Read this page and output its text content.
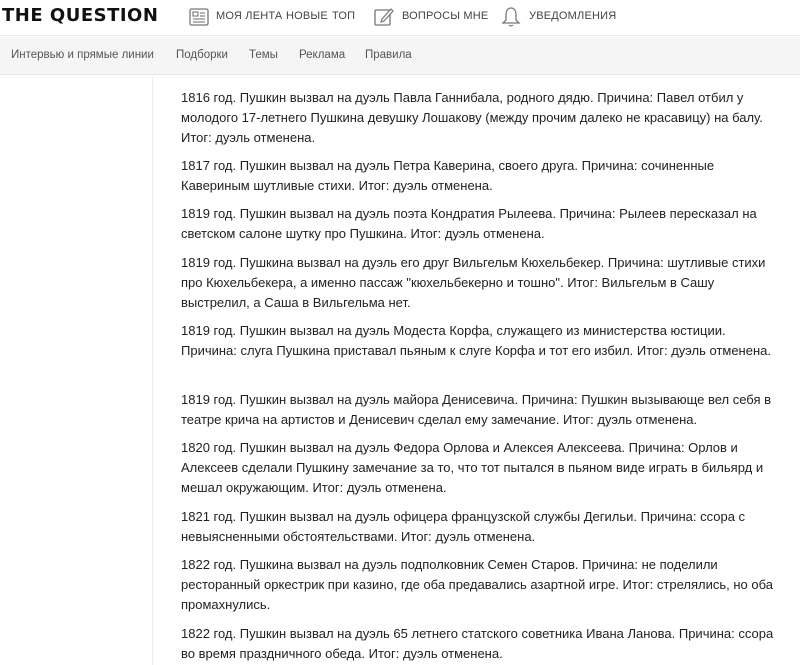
THE QUESTION	МОЯ ЛЕНТА НОВЫЕ ТОП	ВОПРОСЫ МНЕ	УВЕДОМЛЕНИЯ
Интервью и прямые линии Подборки Темы Реклама Правила

1816 год. Пушкин вызвал на дуэль Павла Ганнибала, родного дядю. Причина: Павел отбил у молодого 17-летнего Пушкина девушку Лошакову (между прочим далеко не красавицу) на балу. Итог: дуэль отменена.

1817 год. Пушкин вызвал на дуэль Петра Каверина, своего друга. Причина: сочиненные Кавериным шутливые стихи. Итог: дуэль отменена.

1819 год. Пушкин вызвал на дуэль поэта Кондратия Рылеева. Причина: Рылеев пересказал на светском салоне шутку про Пушкина. Итог: дуэль отменена.

1819 год. Пушкина вызвал на дуэль его друг Вильгельм Кюхельбекер. Причина: шутливые стихи про Кюхельбекера, а именно пассаж "кюхельбекерно и тошно". Итог: Вильгельм в Сашу выстрелил, а Саша в Вильгельма нет.

1819 год. Пушкин вызвал на дуэль Модеста Корфа, служащего из министерства юстиции. Причина: слуга Пушкина приставал пьяным к слуге Корфа и тот его избил. Итог: дуэль отменена.

1819 год. Пушкин вызвал на дуэль майора Денисевича. Причина: Пушкин вызывающе вел себя в театре крича на артистов и Денисевич сделал ему замечание. Итог: дуэль отменена.

1820 год. Пушкин вызвал на дуэль Федора Орлова и Алексея Алексеева. Причина: Орлов и Алексеев сделали Пушкину замечание за то, что тот пытался в пьяном виде играть в бильярд и мешал окружающим. Итог: дуэль отменена.

1821 год. Пушкин вызвал на дуэль офицера французской службы Дегильи. Причина: ссора с невыясненными обстоятельствами. Итог: дуэль отменена.

1822 год. Пушкина вызвал на дуэль подполковник Семен Старов. Причина: не поделили ресторанный оркестрик при казино, где оба предавались азартной игре. Итог: стрелялись, но оба промахнулись.

1822 год. Пушкин вызвал на дуэль 65 летнего статского советника Ивана Ланова. Причина: ссора во время праздничного обеда. Итог: дуэль отменена.
